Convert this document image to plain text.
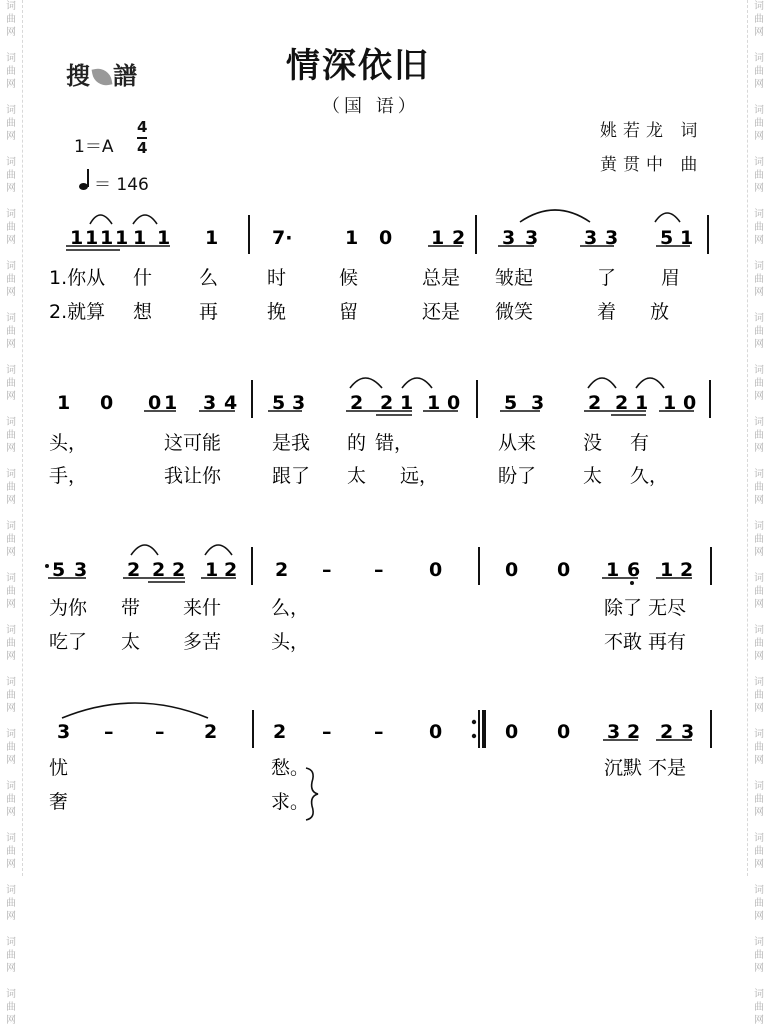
词
曲
网

词
曲
网

词
曲
网

词
曲
网

词
曲
网

词
曲
网

词
曲
网

词
曲
网

词
曲
网

词
曲
网

词
曲
网

词
曲
网

词
曲
网

词
曲
网

词
曲
网

词
曲
网

词
曲
网

词
曲
网

词
曲
网

词
曲
网
词
曲
网

词
曲
网

词
曲
网

词
曲
网

词
曲
网

词
曲
网

词
曲
网

词
曲
网

词
曲
网

词
曲
网

词
曲
网

词
曲
网

词
曲
网

词
曲
网

词
曲
网

词
曲
网

词
曲
网

词
曲
网

词
曲
网

词
曲
网
搜 譜	情深依旧
（国 语）
1＝A
4
4
＝ 146
姚若龙 词
黄贯中 曲
1 1 1 1 1 1 1	7·	1 0 1 2 3 3 3 3 5 1
1 0 0 1 3 4 5 3 2 2 1 1 0 5 3 2 2 1 1 0
5 3 2 2 2 1 2 2 – – 0	0 0 1 6 1 2
3 – – 2	2 – – 0	0 0 3 2 2 3
1.你从 什 么	时	候	总是 皱起	了 眉
2.就算 想 再	挽	留	还是 微笑	着 放
头，	这可能	是我 的 错，	从来 没 有
手，	我让你	跟了 太 远，	盼了 太 久，
为你 带 来什	么，	除了 无尽
吃了 太 多苦	头，	不敢 再有
忧	愁。	沉默 不是
奢	求。
